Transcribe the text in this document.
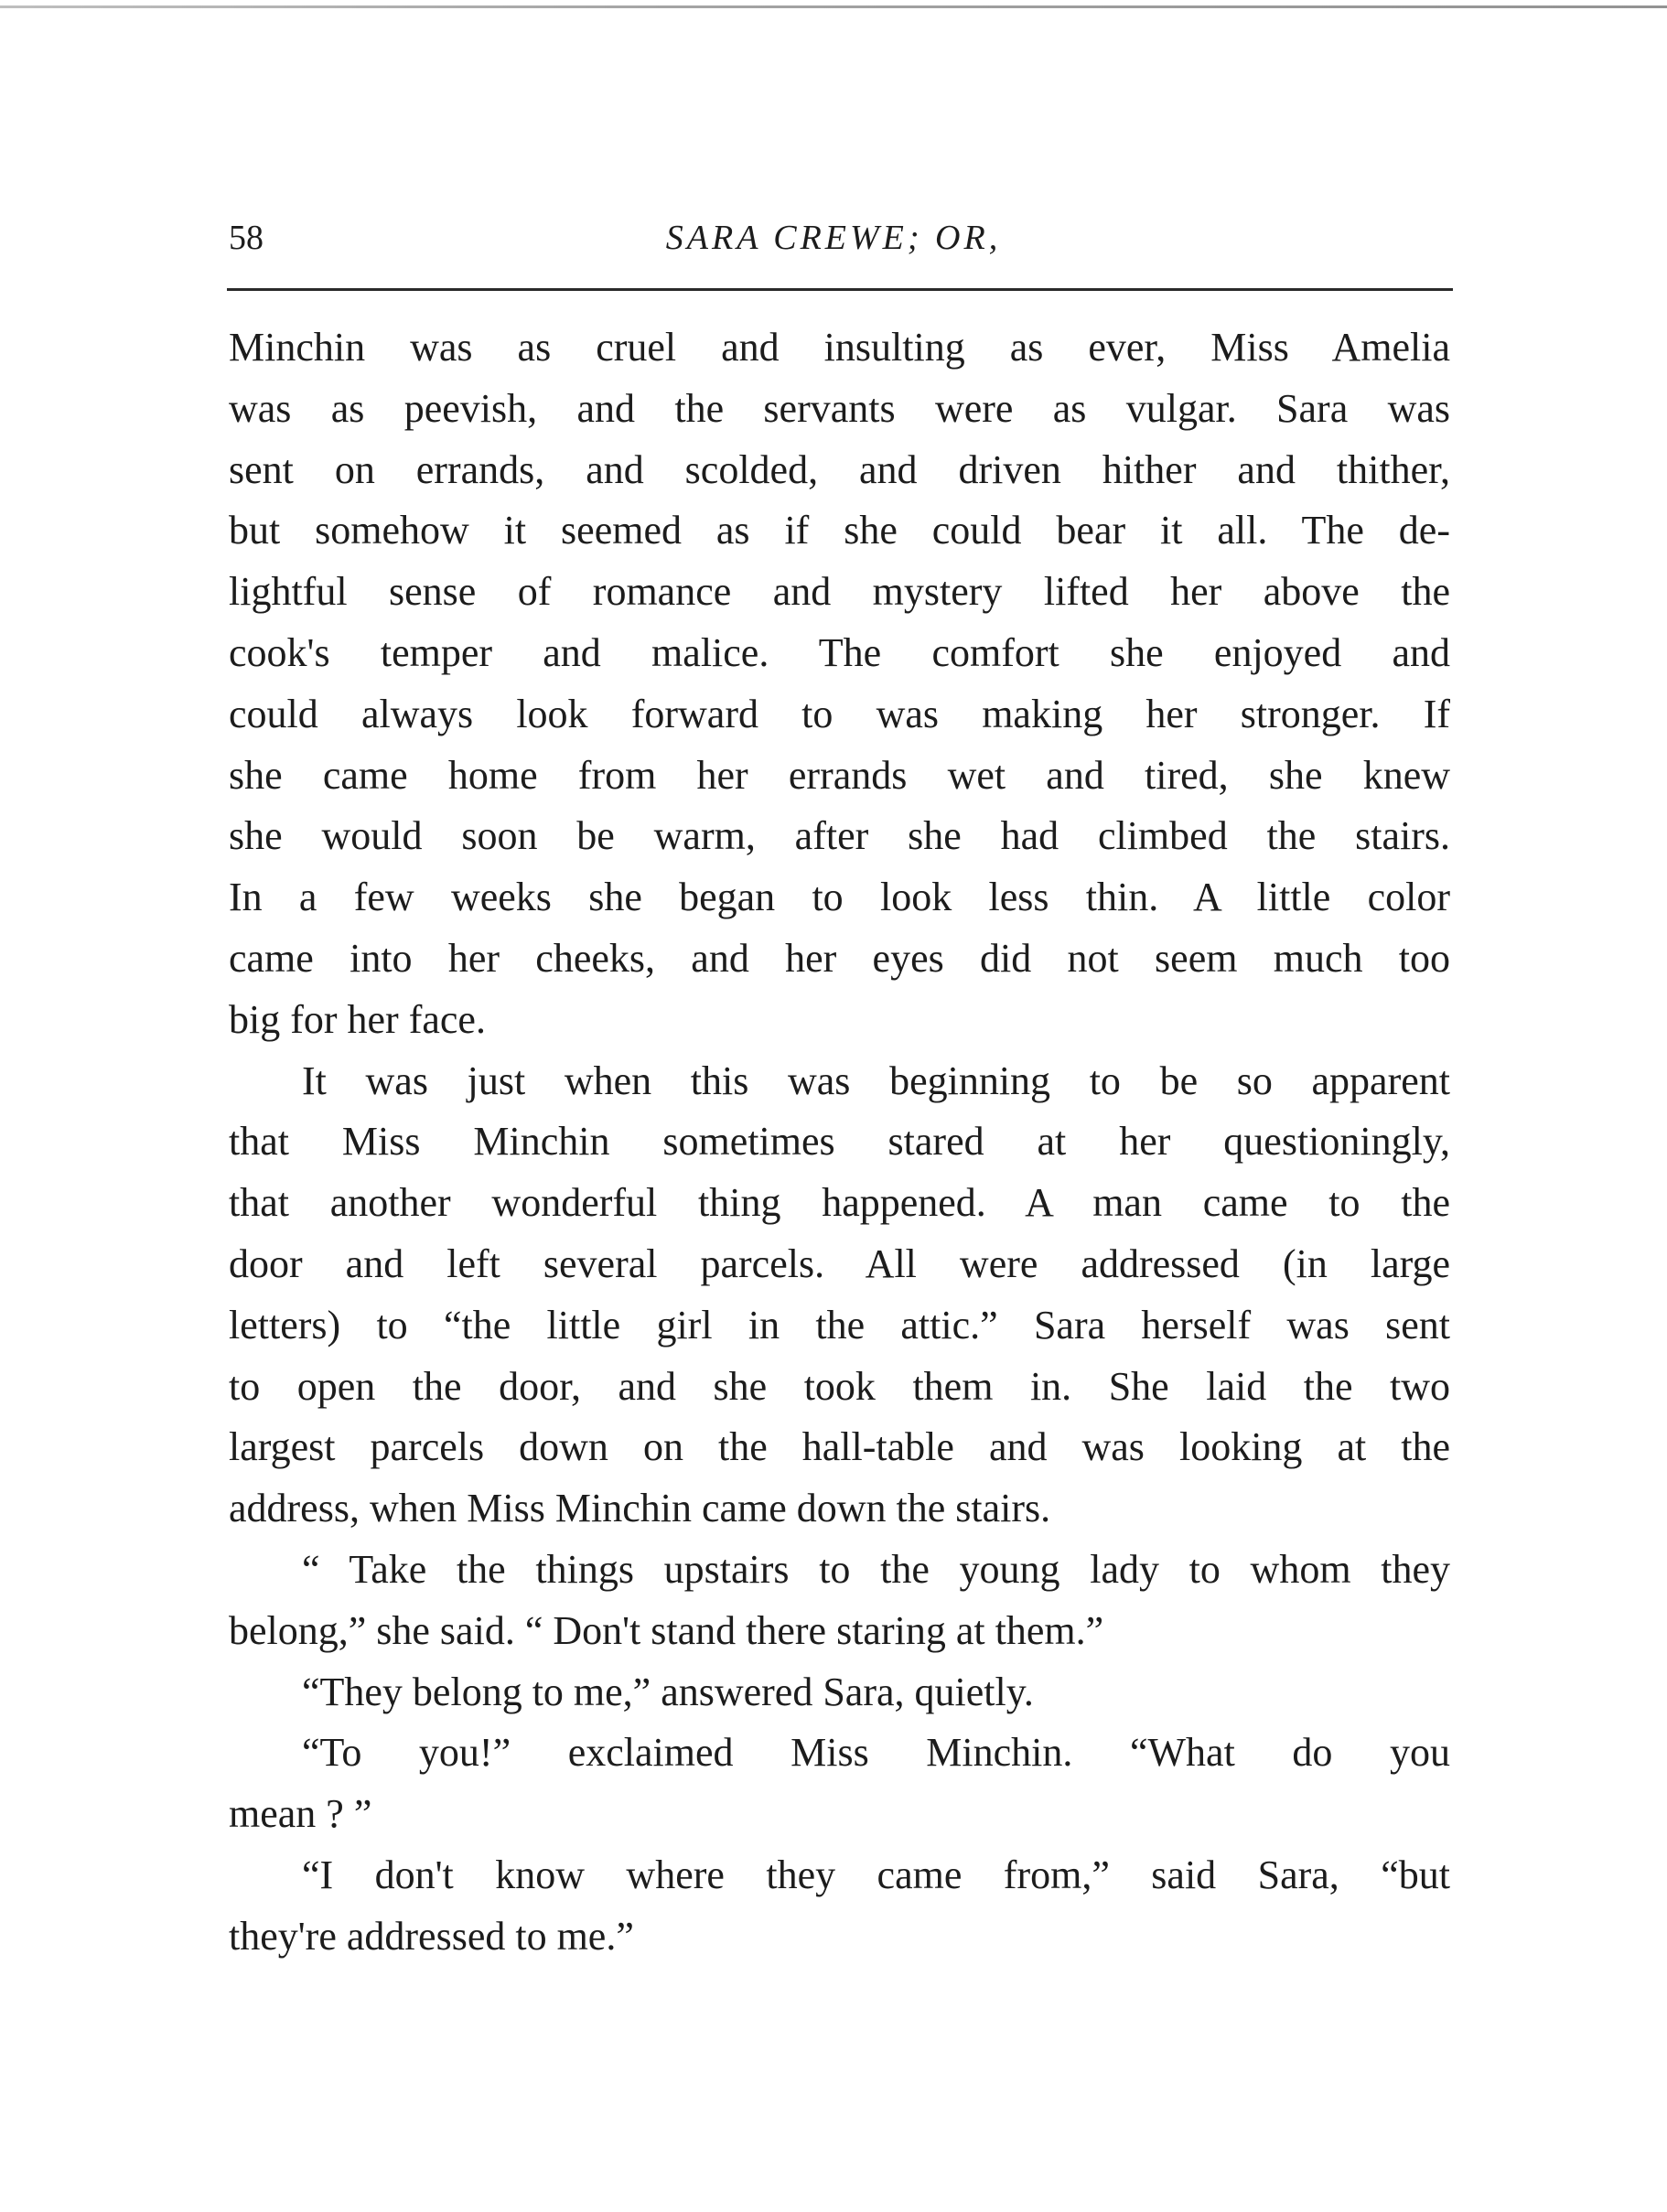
58	SARA CREWE; OR,
Minchin was as cruel and insulting as ever, Miss Amelia
was as peevish, and the servants were as vulgar. Sara was
sent on errands, and scolded, and driven hither and thither,
but somehow it seemed as if she could bear it all. The de-
lightful sense of romance and mystery lifted her above the
cook's temper and malice. The comfort she enjoyed and
could always look forward to was making her stronger. If
she came home from her errands wet and tired, she knew
she would soon be warm, after she had climbed the stairs.
In a few weeks she began to look less thin. A little color
came into her cheeks, and her eyes did not seem much too
big for her face.
It was just when this was beginning to be so apparent
that Miss Minchin sometimes stared at her questioningly,
that another wonderful thing happened. A man came to the
door and left several parcels. All were addressed (in large
letters) to “the little girl in the attic.” Sara herself was sent
to open the door, and she took them in. She laid the two
largest parcels down on the hall-table and was looking at the
address, when Miss Minchin came down the stairs.
“ Take the things upstairs to the young lady to whom they
belong,” she said. “ Don't stand there staring at them.”
“They belong to me,” answered Sara, quietly.
“To you!” exclaimed Miss Minchin. “What do you
mean ? ”
“I don't know where they came from,” said Sara, “but
they're addressed to me.”
